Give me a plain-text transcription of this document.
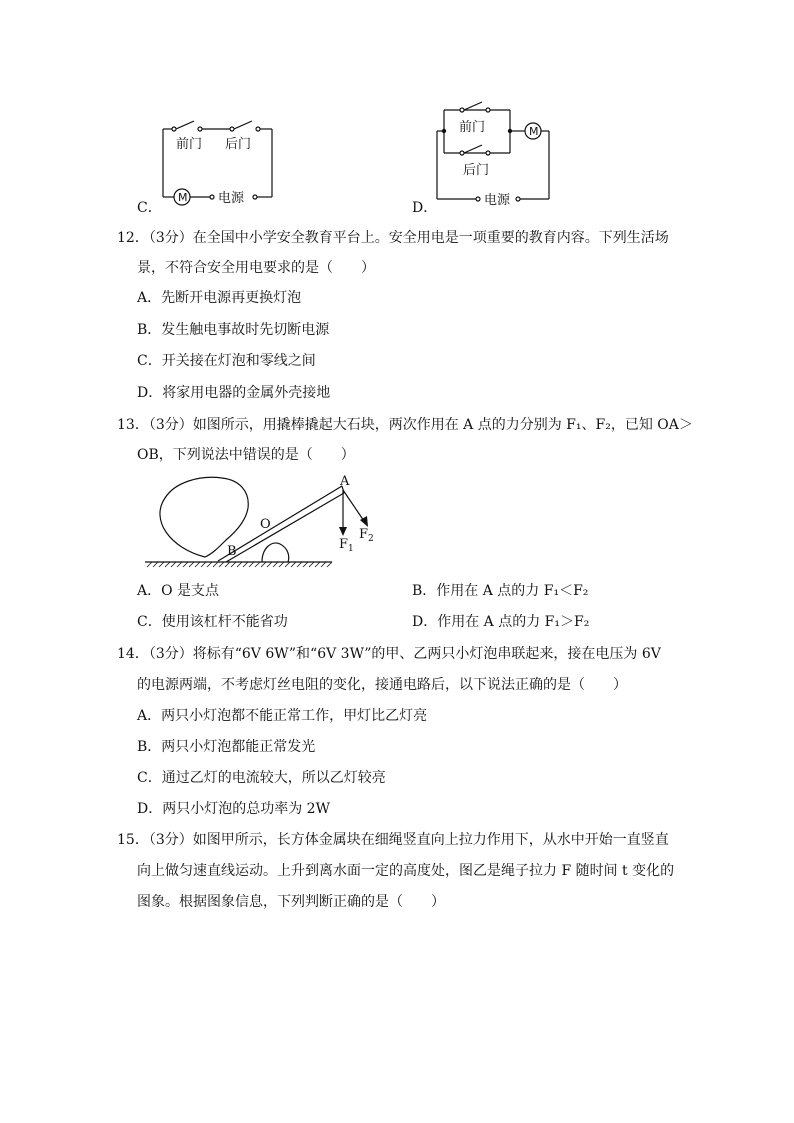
前门 后门
M 电源
C．
前门
后门
M
电源
D．
12．（3分）在全国中小学安全教育平台上。安全用电是一项重要的教育内容。下列生活场
景，不符合安全用电要求的是（　　）
A．先断开电源再更换灯泡
B．发生触电事故时先切断电源
C．开关接在灯泡和零线之间
D．将家用电器的金属外壳接地
13．（3分）如图所示，用撬棒撬起大石块，两次作用在 A 点的力分别为 F₁、F₂，已知 OA＞
OB，下列说法中错误的是（　　）
A
O
B	$F_1$
$F_2$
A．O 是支点	B．作用在 A 点的力 F₁＜F₂
C．使用该杠杆不能省功	D．作用在 A 点的力 F₁＞F₂
14．（3分）将标有“6V 6W”和“6V 3W”的甲、乙两只小灯泡串联起来，接在电压为 6V
的电源两端，不考虑灯丝电阻的变化，接通电路后，以下说法正确的是（　　）
A．两只小灯泡都不能正常工作，甲灯比乙灯亮
B．两只小灯泡都能正常发光
C．通过乙灯的电流较大，所以乙灯较亮
D．两只小灯泡的总功率为 2W
15．（3分）如图甲所示，长方体金属块在细绳竖直向上拉力作用下，从水中开始一直竖直
向上做匀速直线运动。上升到离水面一定的高度处，图乙是绳子拉力 F 随时间 t 变化的
图象。根据图象信息，下列判断正确的是（　　）
